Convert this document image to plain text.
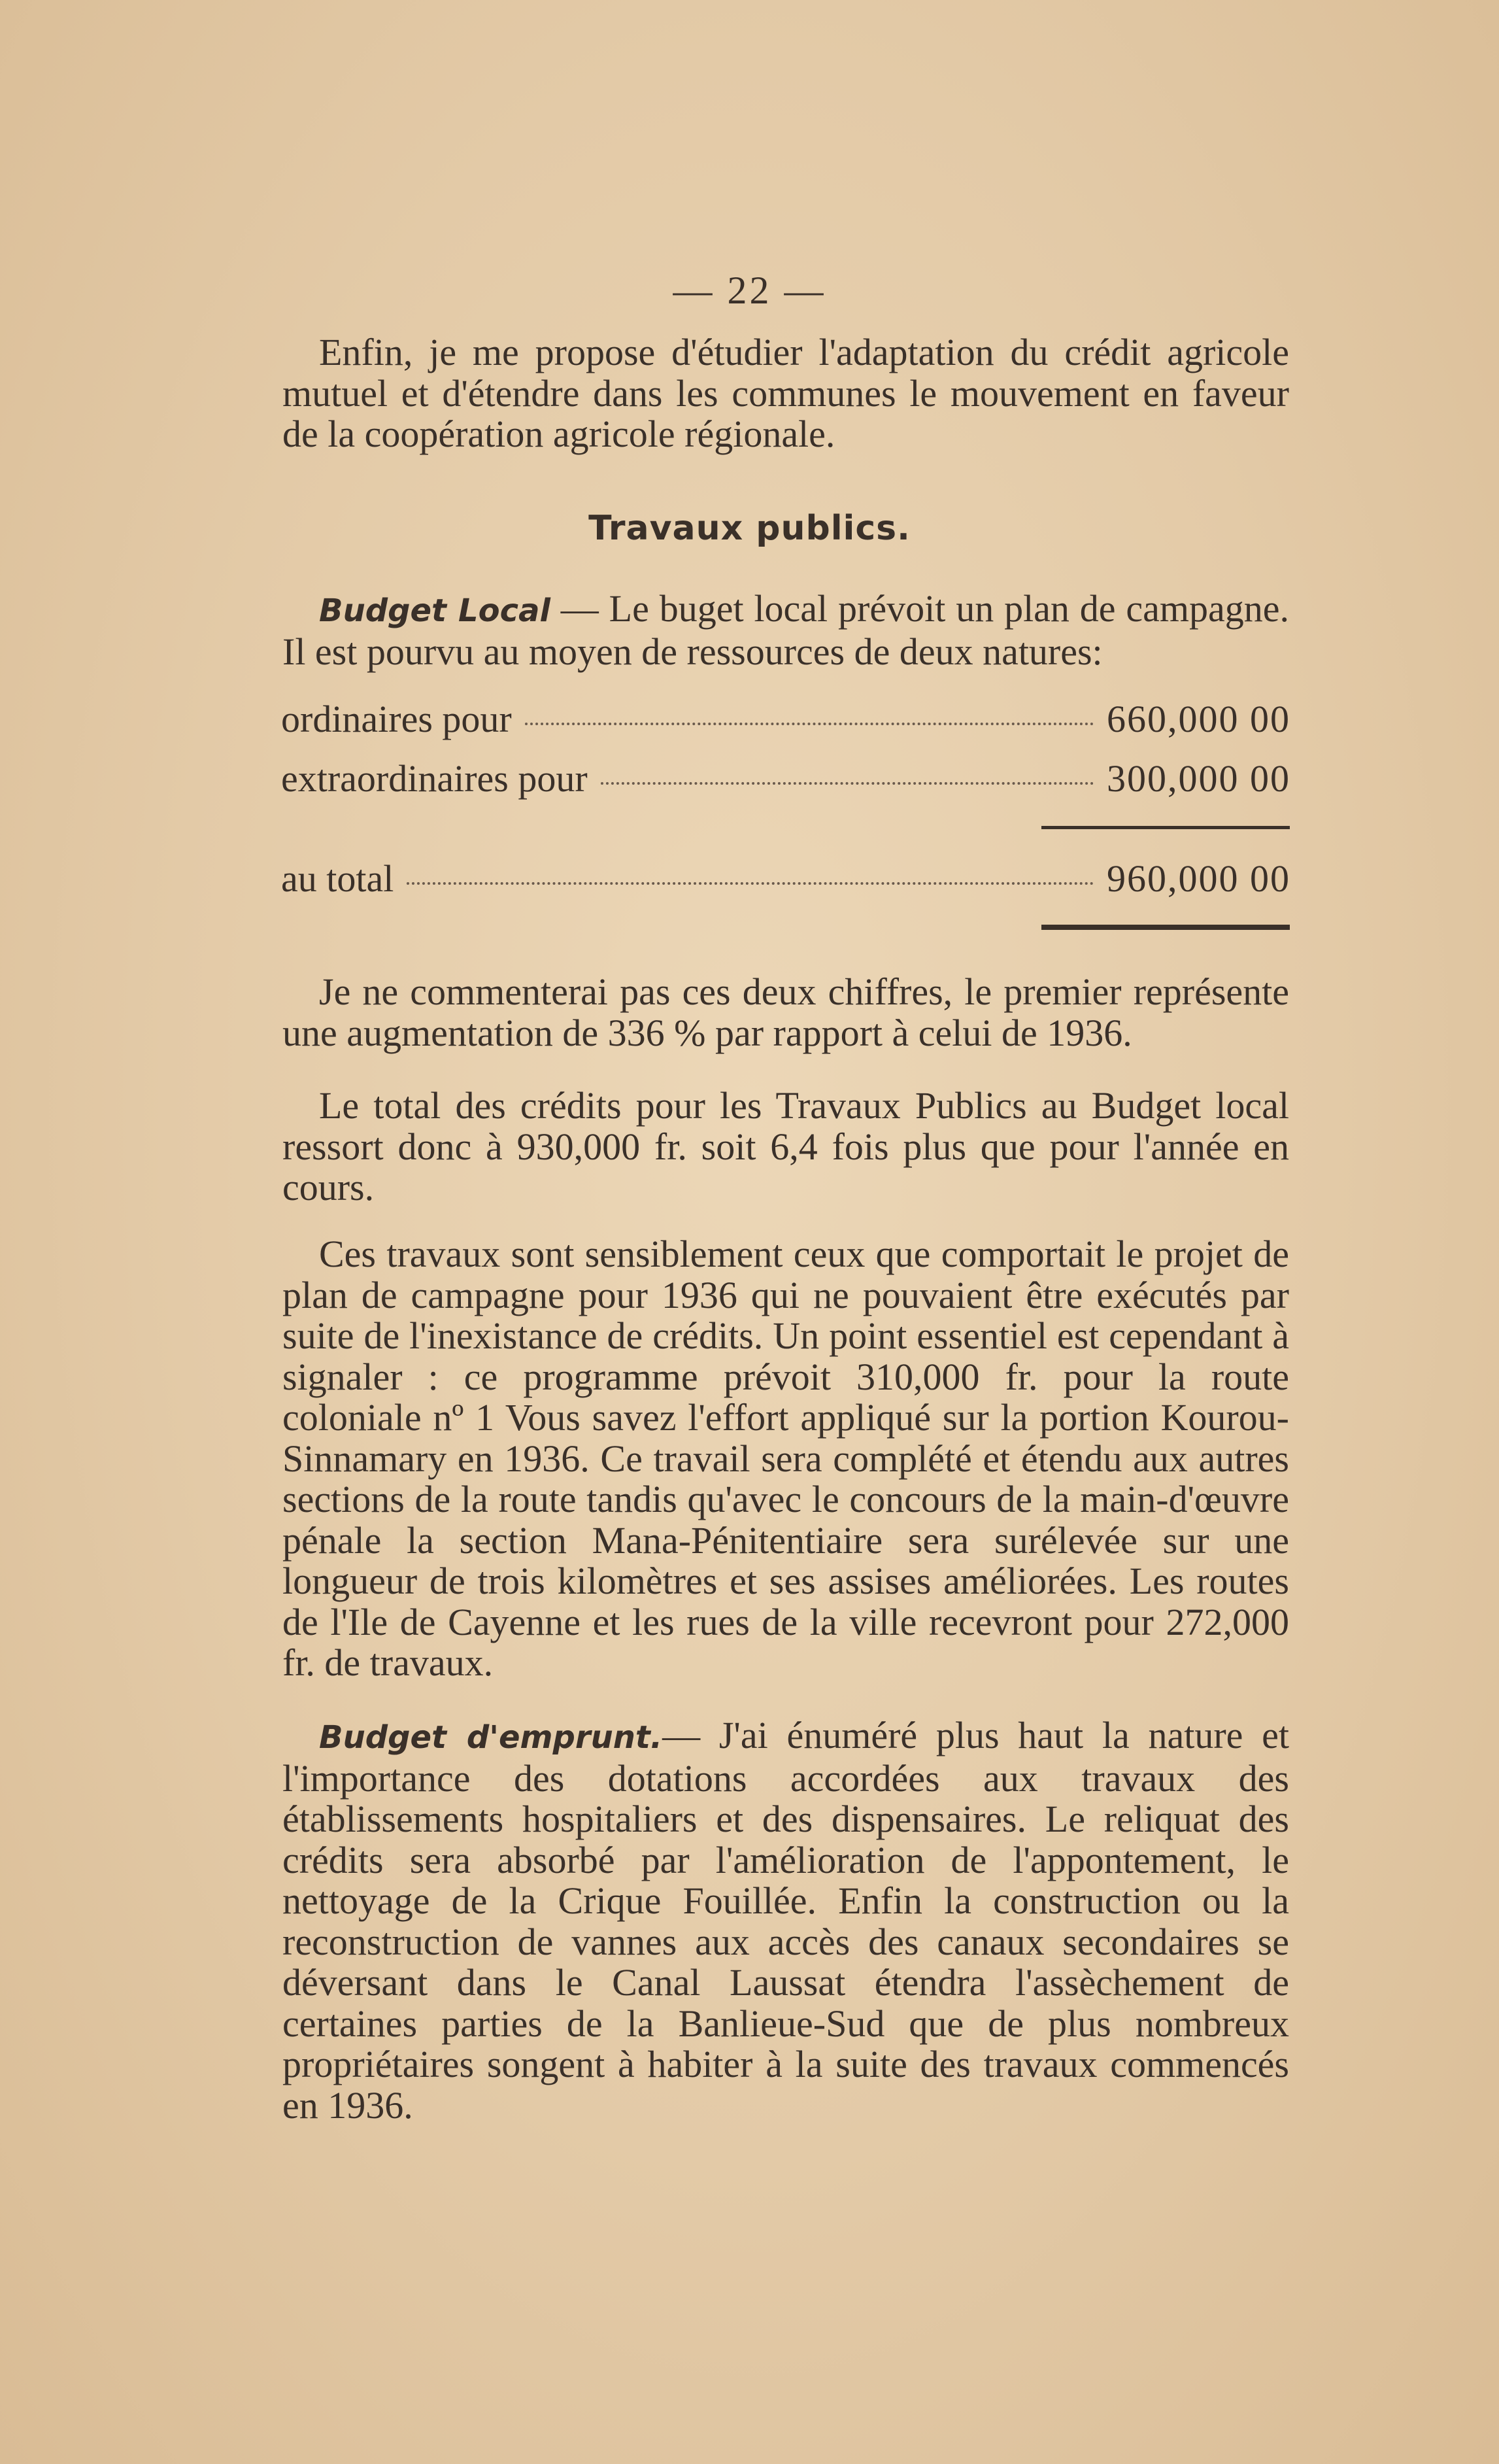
— 22 —

Enfin, je me propose d'étudier l'adaptation du crédit agricole mutuel et d'étendre dans les communes le mouvement en faveur de la coopération agricole régionale.

Travaux publics.

Budget Local — Le buget local prévoit un plan de campagne. Il est pourvu au moyen de ressources de deux natures:

ordinaires pour	660,000 00
extraordinaires pour	300,000 00
au total	960,000 00

Je ne commenterai pas ces deux chiffres, le premier représente une augmentation de 336 % par rapport à celui de 1936.

Le total des crédits pour les Travaux Publics au Budget local ressort donc à 930,000 fr. soit 6,4 fois plus que pour l'année en cours.

Ces travaux sont sensiblement ceux que comportait le projet de plan de campagne pour 1936 qui ne pouvaient être exécutés par suite de l'inexistance de crédits. Un point essentiel est cependant à signaler : ce programme prévoit 310,000 fr. pour la route coloniale nº 1 Vous savez l'effort appliqué sur la portion Kourou-Sinnamary en 1936. Ce travail sera complété et étendu aux autres sections de la route tandis qu'avec le concours de la main-d'œuvre pénale la section Mana-Pénitentiaire sera surélevée sur une longueur de trois kilomètres et ses assises améliorées. Les routes de l'Ile de Cayenne et les rues de la ville recevront pour 272,000 fr. de travaux.

Budget d'emprunt.— J'ai énuméré plus haut la nature et l'importance des dotations accordées aux travaux des établissements hospitaliers et des dispensaires. Le reliquat des crédits sera absorbé par l'amélioration de l'appontement, le nettoyage de la Crique Fouillée. Enfin la construction ou la reconstruction de vannes aux accès des canaux secondaires se déversant dans le Canal Laussat étendra l'assèchement de certaines parties de la Banlieue-Sud que de plus nombreux propriétaires songent à habiter à la suite des travaux commencés en 1936.
